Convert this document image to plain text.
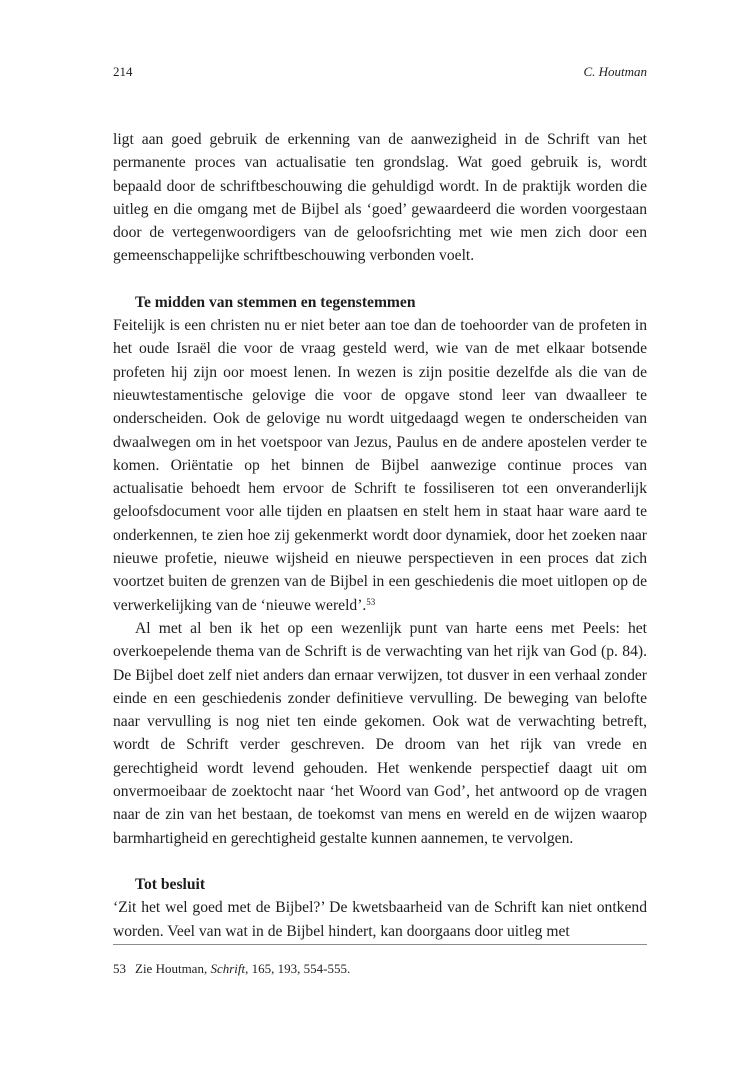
214	C. Houtman

ligt aan goed gebruik de erkenning van de aanwezigheid in de Schrift van het permanente proces van actualisatie ten grondslag. Wat goed gebruik is, wordt bepaald door de schriftbeschouwing die gehuldigd wordt. In de praktijk worden die uitleg en die omgang met de Bijbel als ‘goed’ gewaardeerd die worden voorgestaan door de vertegenwoordigers van de geloofsrichting met wie men zich door een gemeenschappelijke schriftbeschouwing verbonden voelt.

Te midden van stemmen en tegenstemmen

Feitelijk is een christen nu er niet beter aan toe dan de toehoorder van de profeten in het oude Israël die voor de vraag gesteld werd, wie van de met elkaar botsende profeten hij zijn oor moest lenen. In wezen is zijn positie dezelfde als die van de nieuwtestamentische gelovige die voor de opgave stond leer van dwaalleer te onderscheiden. Ook de gelovige nu wordt uitgedaagd wegen te onderscheiden van dwaalwegen om in het voetspoor van Jezus, Paulus en de andere apostelen verder te komen. Oriëntatie op het binnen de Bijbel aanwezige continue proces van actualisatie behoedt hem ervoor de Schrift te fossiliseren tot een onveranderlijk geloofsdocument voor alle tijden en plaatsen en stelt hem in staat haar ware aard te onderkennen, te zien hoe zij gekenmerkt wordt door dynamiek, door het zoeken naar nieuwe profetie, nieuwe wijsheid en nieuwe perspectieven in een proces dat zich voortzet buiten de grenzen van de Bijbel in een geschiedenis die moet uitlopen op de verwerkelijking van de ‘nieuwe wereld’.$^{53}$

Al met al ben ik het op een wezenlijk punt van harte eens met Peels: het overkoepelende thema van de Schrift is de verwachting van het rijk van God (p. 84). De Bijbel doet zelf niet anders dan ernaar verwijzen, tot dusver in een verhaal zonder einde en een geschiedenis zonder definitieve vervulling. De beweging van belofte naar vervulling is nog niet ten einde gekomen. Ook wat de verwachting betreft, wordt de Schrift verder geschreven. De droom van het rijk van vrede en gerechtigheid wordt levend gehouden. Het wenkende perspectief daagt uit om onvermoeibaar de zoektocht naar ‘het Woord van God’, het antwoord op de vragen naar de zin van het bestaan, de toekomst van mens en wereld en de wijzen waarop barmhartigheid en gerechtigheid gestalte kunnen aannemen, te vervolgen.

Tot besluit

‘Zit het wel goed met de Bijbel?’ De kwetsbaarheid van de Schrift kan niet ontkend worden. Veel van wat in de Bijbel hindert, kan doorgaans door uitleg met

53 Zie Houtman, Schrift, 165, 193, 554-555.
